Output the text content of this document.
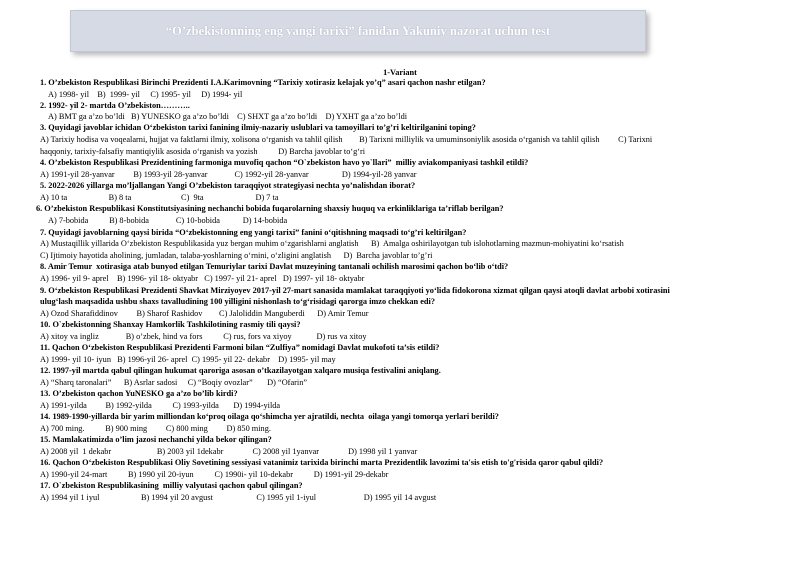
“O’zbekistonning eng yangi tarixi” fanidan Yakuniy nazorat uchun test
1-Variant
1. O’zbekiston Respublikasi Birinchi Prezidenti I.A.Karimovning “Tarixiy xotirasiz kelajak yo’q” asari qachon nashr etilgan?
A) 1998- yil    B)  1999- yil     C) 1995- yil     D) 1994- yil
2. 1992- yil 2- martda O’zbekiston………..
A) BMT ga a’zo bo’ldi   B) YUNESKO ga a’zo bo’ldi    C) SHXT ga a’zo bo’ldi    D) YXHT ga a’zo bo’ldi
3. Quyidagi javoblar ichidan O‘zbekiston tarixi fanining ilmiy-nazariy uslublari va tamoyillari to’g’ri keltirilganini toping?
A) Tarixiy hodisa va voqealarni, hujjat va faktlarni ilmiy, xolisona o‘rganish va tahlil qilish        B) Tarixni milliylik va umuminsoniylik asosida o‘rganish va tahlil qilish         C) Tarixni
haqqoniy, tarixiy-falsafiy mantiqiylik asosida o‘rganish va yozish          D) Barcha javoblar to‘g‘ri
4. O’zbekiston Respublikasi Prezidentining farmoniga muvofiq qachon “O`zbekiston havo yo`llari”  milliy aviakompaniyasi tashkil etildi?
A) 1991-yil 28-yanvar         B) 1993-yil 28-yanvar             C) 1992-yil 28-yanvar                D) 1994-yil-28 yanvar
5. 2022-2026 yillarga mo’ljallangan Yangi O’zbekiston taraqqiyot strategiyasi nechta yo’nalishdan iborat?
A) 10 ta                    B) 8 ta                        C)  9ta                         D) 7 ta
6. O’zbekiston Respublikasi Konstitutsiyasining nechanchi bobida fuqarolarning shaxsiy huquq va erkinliklariga ta’riflab berilgan?
A) 7-bobida          B) 8-bobida             C) 10-bobida           D) 14-bobida
7. Quyidagi javoblarning qaysi birida “O‘zbekistonning eng yangi tarixi” fanini o‘qitishning maqsadi to‘g’ri keltirilgan?
A) Mustaqillik yillarida O‘zbekiston Respublikasida yuz bergan muhim o‘zgarishlarni anglatish      B)  Amalga oshirilayotgan tub islohotlarning mazmun-mohiyatini ko‘rsatish
C) Ijtimoiy hayotida aholining, jumladan, talaba-yoshlarning o‘rnini, o‘zligini anglatish      D)  Barcha javoblar to’g’ri
8. Amir Temur  xotirasiga atab bunyod etilgan Temuriylar tarixi Davlat muzeyining tantanali ochilish marosimi qachon bo‘lib o‘tdi?
A) 1996- yil 9- aprel    B) 1996- yil 18- oktyabr   C) 1997- yil 21- aprel   D) 1997- yil 18- oktyabr
9. O‘zbekiston Respublikasi Prezidenti Shavkat Mirziyoyev 2017-yil 27-mart sanasida mamlakat taraqqiyoti yo‘lida fidokorona xizmat qilgan qaysi atoqli davlat arbobi xotirasini
ulug‘lash maqsadida ushbu shaxs tavalludining 100 yilligini nishonlash to‘g‘risidagi qarorga imzo chekkan edi?
A) Ozod Sharafiddinov         B) Sharof Rashidov        C) Jaloliddin Manguberdi      D) Amir Temur
10. O`zbekistonning Shanxay Hamkorlik Tashkilotining rasmiy tili qaysi?
A) xitoy va ingliz             B) o’zbek, hind va fors          C) rus, fors va xiyoy            D) rus va xitoy
11. Qachon O‘zbekiston Respublikasi Prezidenti Farmoni bilan “Zulfiya” nomidagi Davlat mukofoti ta’sis etildi?
A) 1999- yil 10- iyun   B) 1996-yil 26- aprel  C) 1995- yil 22- dekabr    D) 1995- yil may
12. 1997-yil martda qabul qilingan hukumat qaroriga asosan o’tkazilayotgan xalqaro musiqa festivalini aniqlang.
A) “Sharq taronalari”      B) Asrlar sadosi     C) “Boqiy ovozlar”       D) “Ofarin”
13. O’zbekiston qachon YuNESKO ga a’zo bo’lib kirdi?
A) 1991-yilda         B) 1992-yilda          C) 1993-yilda       D) 1994-yilda
14. 1989-1990-yillarda bir yarim milliondan ko‘proq oilaga qo‘shimcha yer ajratildi, nechta  oilaga yangi tomorqa yerlari berildi?
A) 700 ming.          B) 900 ming         C) 800 ming         D) 850 ming.
15. Mamlakatimizda o’lim jazosi nechanchi yilda bekor qilingan?
A) 2008 yil  1 dekabr                      B) 2003 yil 1dekabr              C) 2008 yil 1yanvar              D) 1998 yil 1 yanvar
16. Qachon O‘zbekiston Respublikasi Oliy Sovetining sessiyasi vatanimiz tarixida birinchi marta Prezidentlik lavozimi ta'sis etish to'g'risida qaror qabul qildi?
A) 1990-yil 24-mart          B) 1990 yil 20-iyun          C) 1990i- yil 10-dekabr          D) 1991-yil 29-dekabr
17. O`zbekiston Respublikasining  milliy valyutasi qachon qabul qilingan?
A) 1994 yil 1 iyul                    B) 1994 yil 20 avgust                     C) 1995 yil 1-iyul                       D) 1995 yil 14 avgust
